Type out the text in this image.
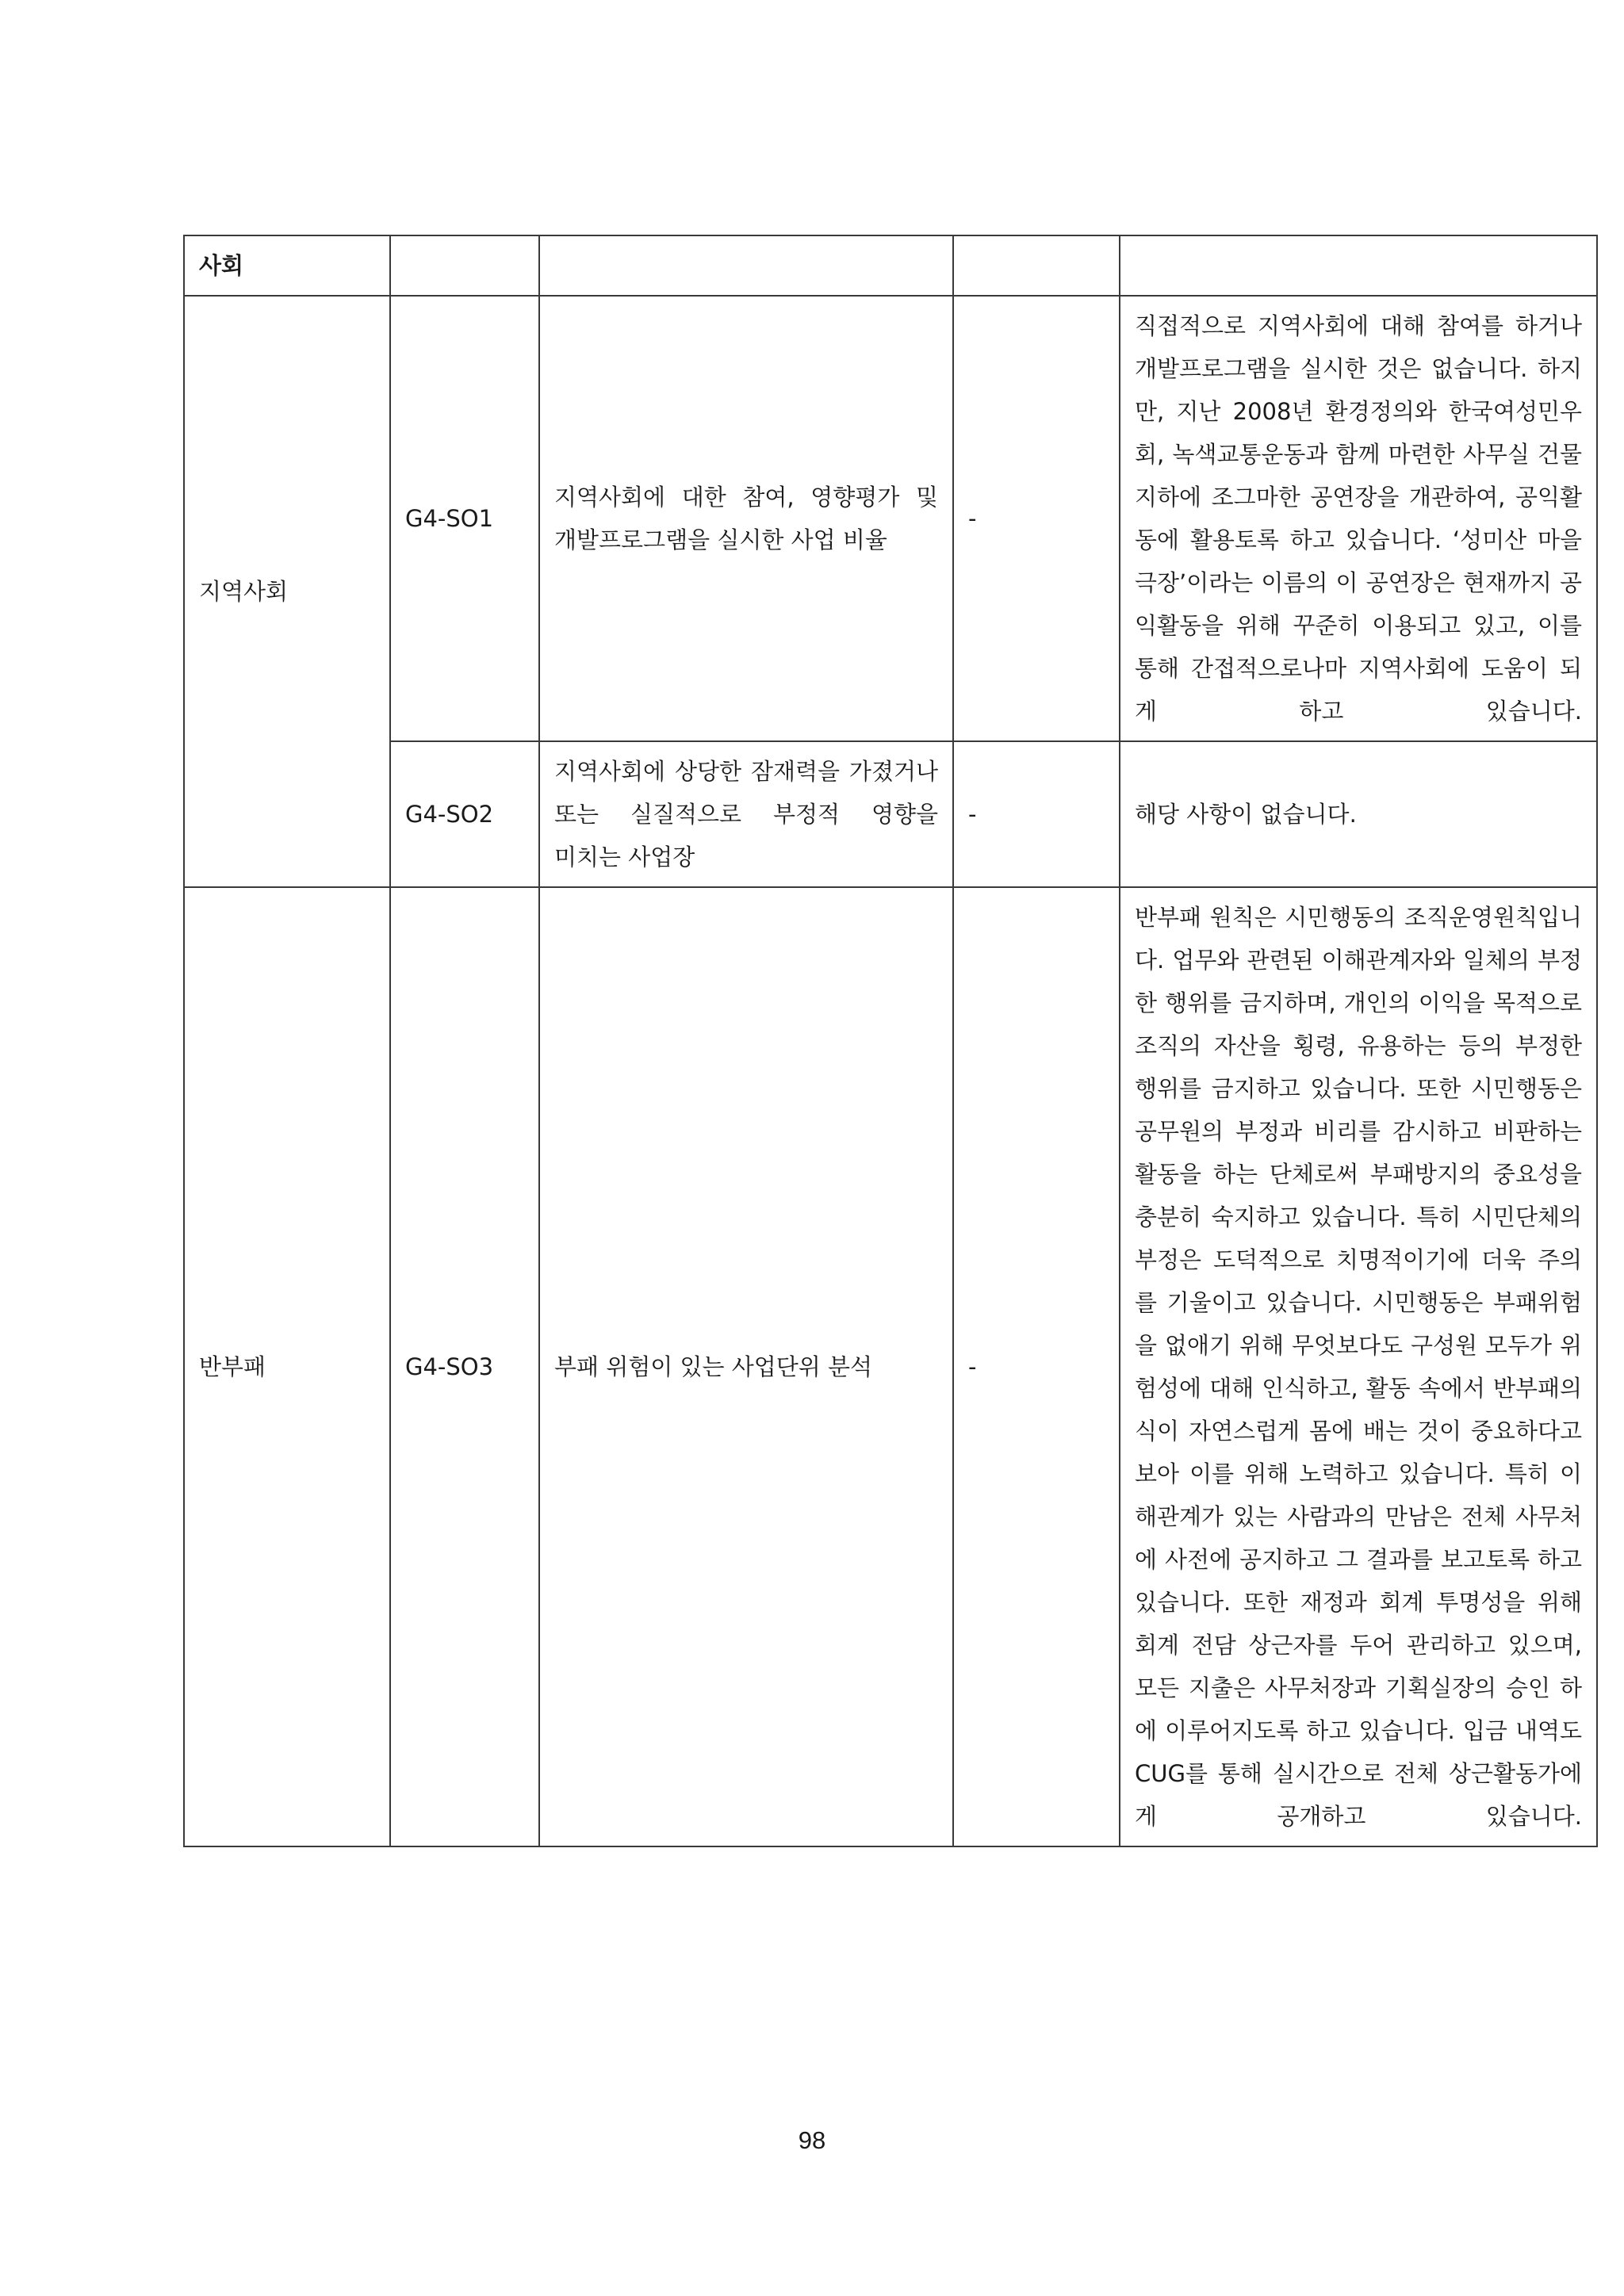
사회				
지역사회	G4-SO1	지역사회에 대한 참여, 영향평가 및 개발프로그램을 실시한 사업 비율	-	직접적으로 지역사회에 대해 참여를 하거나 개발프로그램을 실시한 것은 없습니다. 하지만, 지난 2008년 환경정의와 한국여성민우회, 녹색교통운동과 함께 마련한 사무실 건물 지하에 조그마한 공연장을 개관하여, 공익활동에 활용토록 하고 있습니다. ‘성미산 마을 극장’이라는 이름의 이 공연장은 현재까지 공익활동을 위해 꾸준히 이용되고 있고, 이를 통해 간접적으로나마 지역사회에 도움이 되게 하고 있습니다.
	G4-SO2	지역사회에 상당한 잠재력을 가졌거나 또는 실질적으로 부정적 영향을 미치는 사업장	-	해당 사항이 없습니다.
반부패	G4-SO3	부패 위험이 있는 사업단위 분석	-	반부패 원칙은 시민행동의 조직운영원칙입니다. 업무와 관련된 이해관계자와 일체의 부정한 행위를 금지하며, 개인의 이익을 목적으로 조직의 자산을 횡령, 유용하는 등의 부정한 행위를 금지하고 있습니다. 또한 시민행동은 공무원의 부정과 비리를 감시하고 비판하는 활동을 하는 단체로써 부패방지의 중요성을 충분히 숙지하고 있습니다. 특히 시민단체의 부정은 도덕적으로 치명적이기에 더욱 주의를 기울이고 있습니다. 시민행동은 부패위험을 없애기 위해 무엇보다도 구성원 모두가 위험성에 대해 인식하고, 활동 속에서 반부패의식이 자연스럽게 몸에 배는 것이 중요하다고 보아 이를 위해 노력하고 있습니다. 특히 이해관계가 있는 사람과의 만남은 전체 사무처에 사전에 공지하고 그 결과를 보고토록 하고 있습니다. 또한 재정과 회계 투명성을 위해 회계 전담 상근자를 두어 관리하고 있으며, 모든 지출은 사무처장과 기획실장의 승인 하에 이루어지도록 하고 있습니다. 입금 내역도 CUG를 통해 실시간으로 전체 상근활동가에게 공개하고 있습니다.
98
